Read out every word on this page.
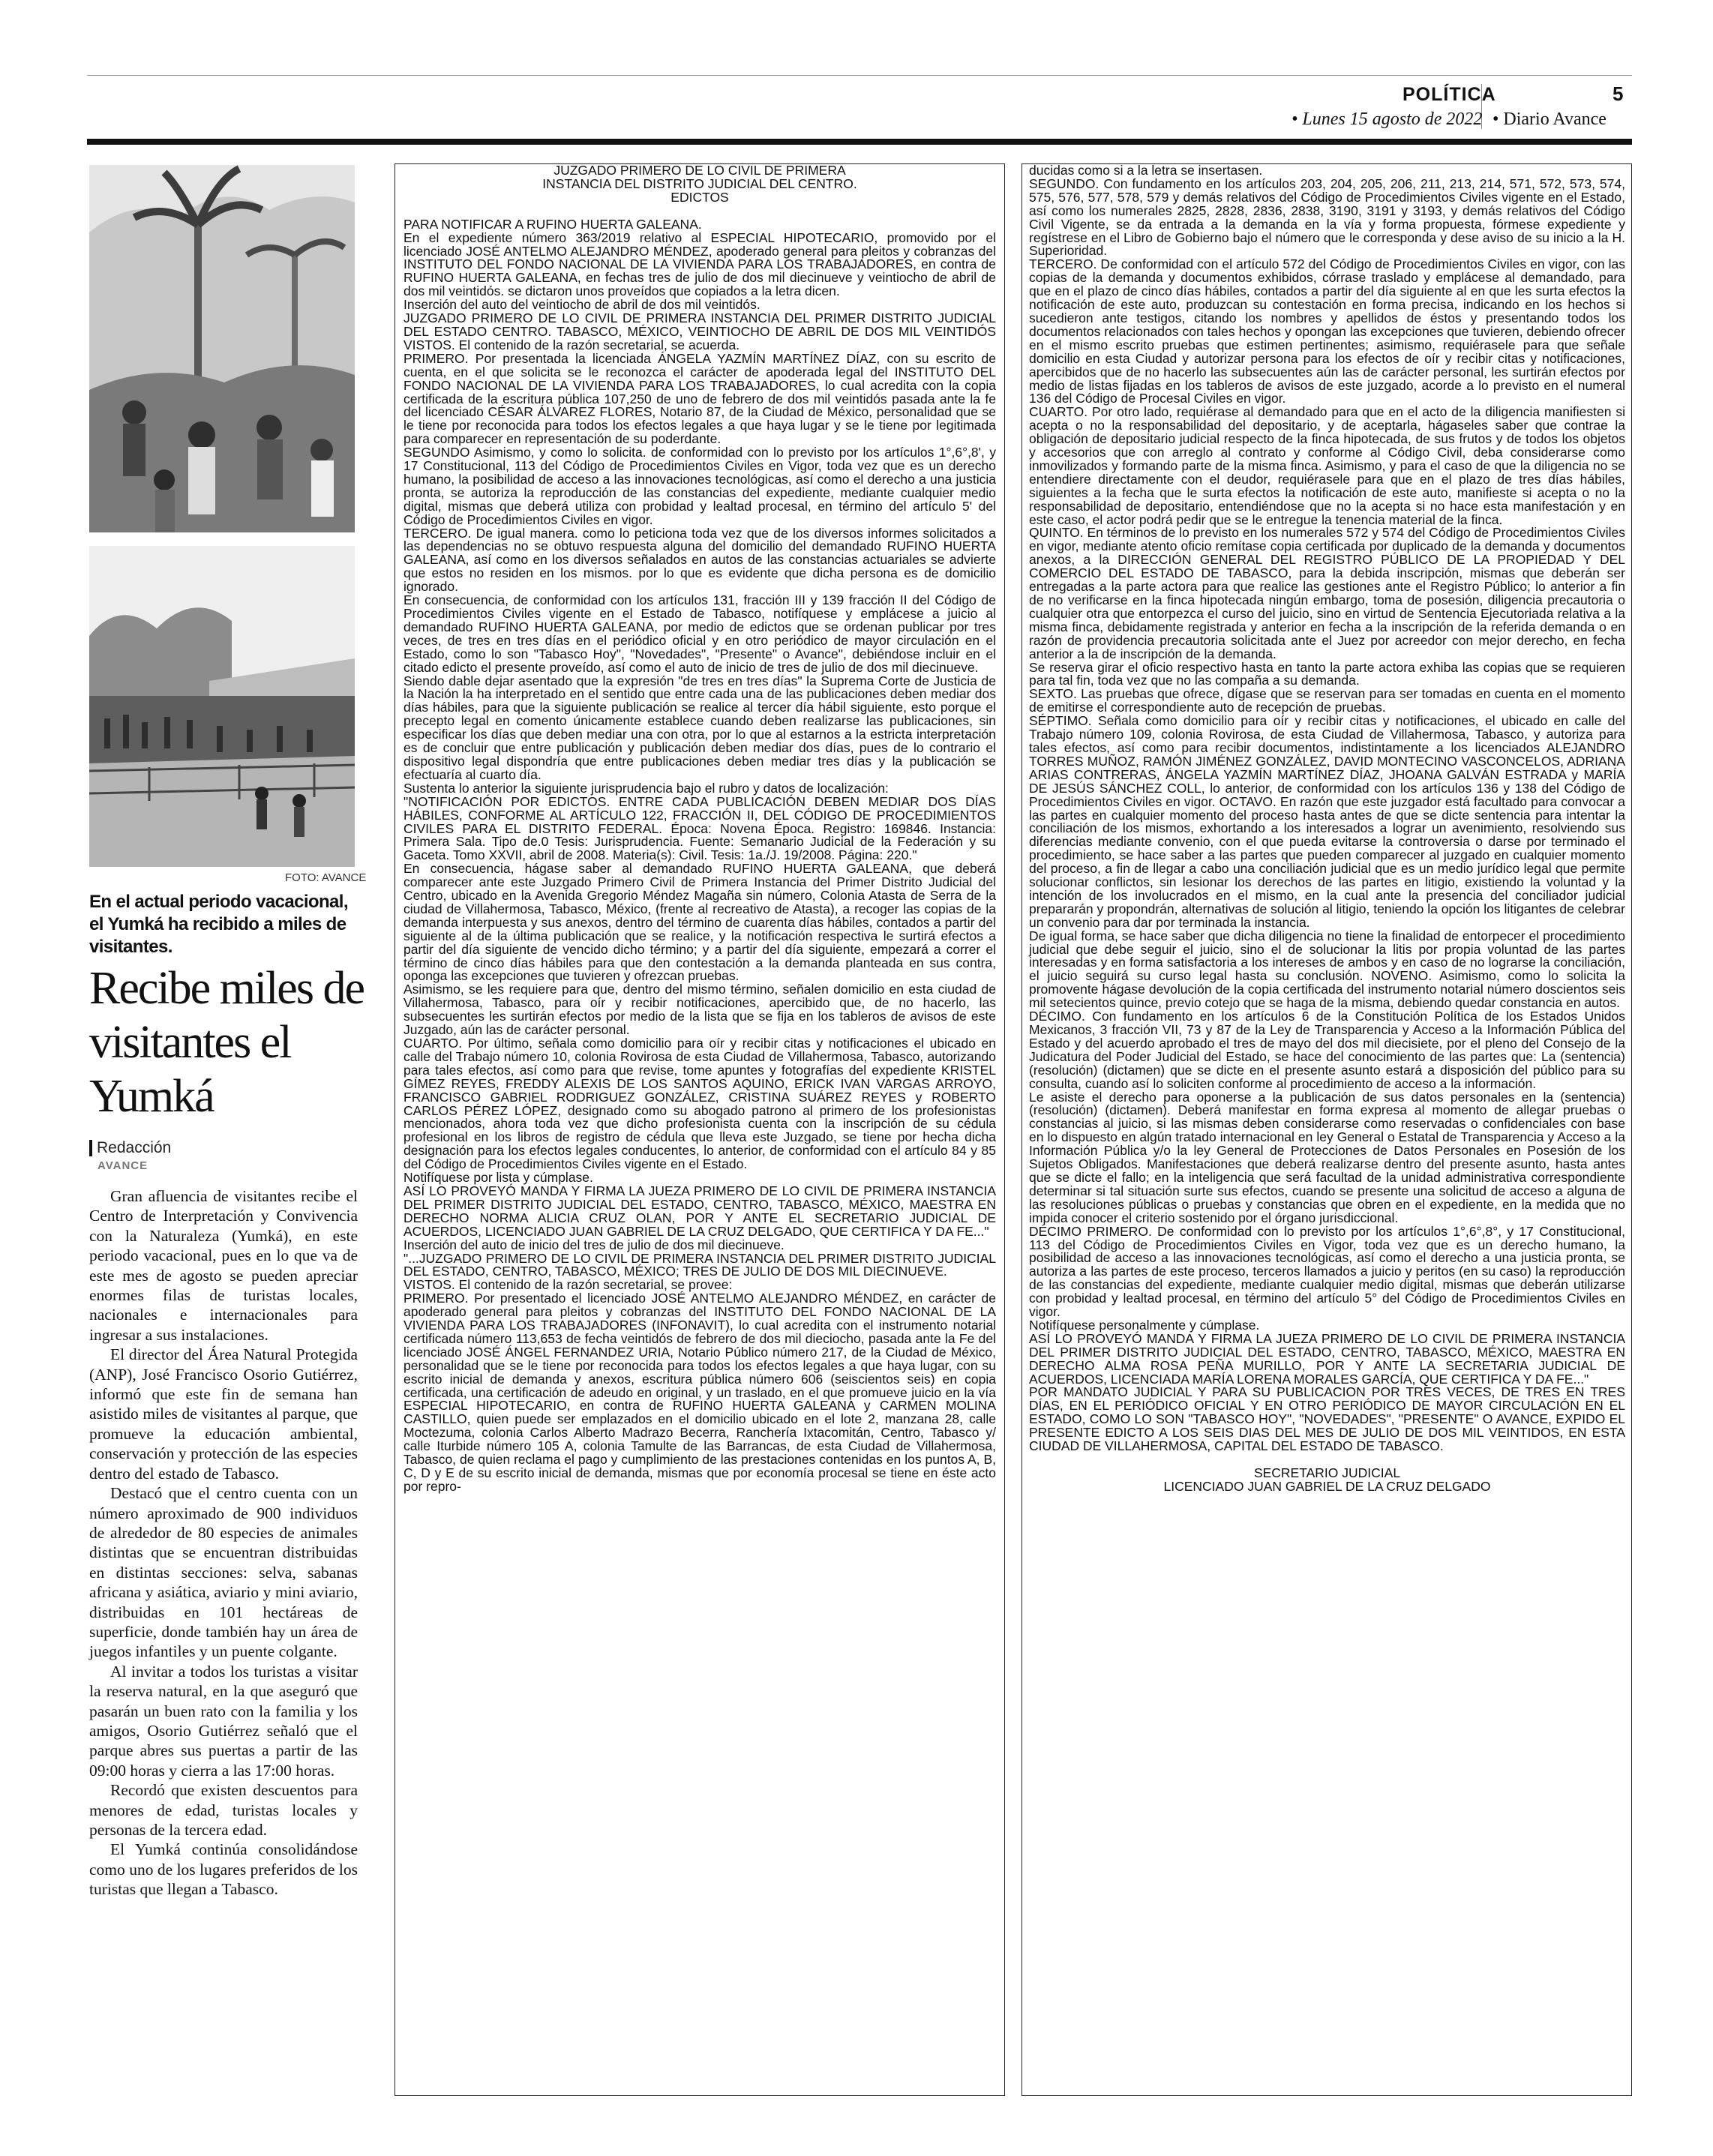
POLÍTICA	5
• Lunes 15 agosto de 2022 • Diario Avance
FOTO: AVANCE
En el actual periodo vacacional, el Yumká ha recibido a miles de visitantes.
Recibe miles de visitantes el Yumká
Redacción
AVANCE

Gran afluencia de visitantes recibe el Centro de Interpretación y Convivencia con la Naturaleza (Yumká), en este periodo vacacional, pues en lo que va de este mes de agosto se pueden apreciar enormes filas de turistas locales, nacionales e internacionales para ingresar a sus instalaciones.

El director del Área Natural Protegida (ANP), José Francisco Osorio Gutiérrez, informó que este fin de semana han asistido miles de visitantes al parque, que promueve la educación ambiental, conservación y protección de las especies dentro del estado de Tabasco.

Destacó que el centro cuenta con un número aproximado de 900 individuos de alrededor de 80 especies de animales distintas que se encuentran distribuidas en distintas secciones: selva, sabanas africana y asiática, aviario y mini aviario, distribuidas en 101 hectáreas de superficie, donde también hay un área de juegos infantiles y un puente colgante.

Al invitar a todos los turistas a visitar la reserva natural, en la que aseguró que pasarán un buen rato con la familia y los amigos, Osorio Gutiérrez señaló que el parque abres sus puertas a partir de las 09:00 horas y cierra a las 17:00 horas.

Recordó que existen descuentos para menores de edad, turistas locales y personas de la tercera edad.

El Yumká continúa consolidándose como uno de los lugares preferidos de los turistas que llegan a Tabasco.

JUZGADO PRIMERO DE LO CIVIL DE PRIMERA

INSTANCIA DEL DISTRITO JUDICIAL DEL CENTRO.

EDICTOS

PARA NOTIFICAR A RUFINO HUERTA GALEANA.

En el expediente número 363/2019 relativo al ESPECIAL HIPOTECARIO, promovido por el licenciado JOSÉ ANTELMO ALEJANDRO MÉNDEZ, apoderado general para pleitos y cobranzas del INSTITUTO DEL FONDO NACIONAL DE LA VIVIENDA PARA LOS TRABAJADORES, en contra de RUFINO HUERTA GALEANA, en fechas tres de julio de dos mil diecinueve y veintiocho de abril de dos mil veintidós. se dictaron unos proveídos que copiados a la letra dicen.

Inserción del auto del veintiocho de abril de dos mil veintidós.

JUZGADO PRIMERO DE LO CIVIL DE PRIMERA INSTANCIA DEL PRIMER DISTRITO JUDICIAL DEL ESTADO CENTRO. TABASCO, MÉXICO, VEINTIOCHO DE ABRIL DE DOS MIL VEINTIDÓS VISTOS. El contenido de la razón secretarial, se acuerda.

PRIMERO. Por presentada la licenciada ÁNGELA YAZMÍN MARTÍNEZ DÍAZ, con su escrito de cuenta, en el que solicita se le reconozca el carácter de apoderada legal del INSTITUTO DEL FONDO NACIONAL DE LA VIVIENDA PARA LOS TRABAJADORES, lo cual acredita con la copia certificada de la escritura pública 107,250 de uno de febrero de dos mil veintidós pasada ante la fe del licenciado CÉSAR ÁLVAREZ FLORES, Notario 87, de la Ciudad de México, personalidad que se le tiene por reconocida para todos los efectos legales a que haya lugar y se le tiene por legitimada para comparecer en representación de su poderdante.

SEGUNDO Asimismo, y como lo solicita. de conformidad con lo previsto por los artículos 1°,6°,8', y 17 Constitucional, 113 del Código de Procedimientos Civiles en Vigor, toda vez que es un derecho humano, la posibilidad de acceso a las innovaciones tecnológicas, así como el derecho a una justicia pronta, se autoriza la reproducción de las constancias del expediente, mediante cualquier medio digital, mismas que deberá utiliza con probidad y lealtad procesal, en término del artículo 5' del Código de Procedimientos Civiles en vigor.

TERCERO. De igual manera. como lo peticiona toda vez que de los diversos informes solicitados a las dependencias no se obtuvo respuesta alguna del domicilio del demandado RUFINO HUERTA GALEANA, así como en los diversos señalados en autos de las constancias actuariales se advierte que estos no residen en los mismos. por lo que es evidente que dicha persona es de domicilio ignorado.

En consecuencia, de conformidad con los artículos 131, fracción III y 139 fracción II del Código de Procedimientos Civiles vigente en el Estado de Tabasco, notifíquese y emplácese a juicio al demandado RUFINO HUERTA GALEANA, por medio de edictos que se ordenan publicar por tres veces, de tres en tres días en el periódico oficial y en otro periódico de mayor circulación en el Estado, como lo son "Tabasco Hoy", "Novedades", "Presente" o Avance", debiéndose incluir en el citado edicto el presente proveído, así como el auto de inicio de tres de julio de dos mil diecinueve.

Siendo dable dejar asentado que la expresión "de tres en tres días" la Suprema Corte de Justicia de la Nación la ha interpretado en el sentido que entre cada una de las publicaciones deben mediar dos días hábiles, para que la siguiente publicación se realice al tercer día hábil siguiente, esto porque el precepto legal en comento únicamente establece cuando deben realizarse las publicaciones, sin especificar los días que deben mediar una con otra, por lo que al estarnos a la estricta interpretación es de concluir que entre publicación y publicación deben mediar dos días, pues de lo contrario el dispositivo legal dispondría que entre publicaciones deben mediar tres días y la publicación se efectuaría al cuarto día.

Sustenta lo anterior la siguiente jurisprudencia bajo el rubro y datos de localización:

"NOTIFICACIÓN POR EDICTOS. ENTRE CADA PUBLICACIÓN DEBEN MEDIAR DOS DÍAS HÁBILES, CONFORME AL ARTÍCULO 122, FRACCIÓN II, DEL CÓDIGO DE PROCEDIMIENTOS CIVILES PARA EL DISTRITO FEDERAL. Época: Novena Época. Registro: 169846. Instancia: Primera Sala. Tipo de.0 Tesis: Jurisprudencia. Fuente: Semanario Judicial de la Federación y su Gaceta. Tomo XXVII, abril de 2008. Materia(s): Civil. Tesis: 1a./J. 19/2008. Página: 220."

En consecuencia, hágase saber al demandado RUFINO HUERTA GALEANA, que deberá comparecer ante este Juzgado Primero Civil de Primera Instancia del Primer Distrito Judicial del Centro, ubicado en la Avenida Gregorio Méndez Magaña sin número, Colonia Atasta de Serra de la ciudad de Villahermosa, Tabasco, México, (frente al recreativo de Atasta), a recoger las copias de la demanda interpuesta y sus anexos, dentro del término de cuarenta días hábiles, contados a partir del siguiente al de la última publicación que se realice, y la notificación respectiva le surtirá efectos a partir del día siguiente de vencido dicho término; y a partir del día siguiente, empezará a correr el término de cinco días hábiles para que den contestación a la demanda planteada en sus contra, oponga las excepciones que tuvieren y ofrezcan pruebas.

Asimismo, se les requiere para que, dentro del mismo término, señalen domicilio en esta ciudad de Villahermosa, Tabasco, para oír y recibir notificaciones, apercibido que, de no hacerlo, las subsecuentes les surtirán efectos por medio de la lista que se fija en los tableros de avisos de este Juzgado, aún las de carácter personal.

CUARTO. Por último, señala como domicilio para oír y recibir citas y notificaciones el ubicado en calle del Trabajo número 10, colonia Rovirosa de esta Ciudad de Villahermosa, Tabasco, autorizando para tales efectos, así como para que revise, tome apuntes y fotografías del expediente KRISTEL GÍMEZ REYES, FREDDY ALEXIS DE LOS SANTOS AQUINO, ERICK IVAN VARGAS ARROYO, FRANCISCO GABRIEL RODRIGUEZ GONZÁLEZ, CRISTINA SUÁREZ REYES y ROBERTO CARLOS PÉREZ LÓPEZ, designado como su abogado patrono al primero de los profesionistas mencionados, ahora toda vez que dicho profesionista cuenta con la inscripción de su cédula profesional en los libros de registro de cédula que lleva este Juzgado, se tiene por hecha dicha designación para los efectos legales conducentes, lo anterior, de conformidad con el artículo 84 y 85 del Código de Procedimientos Civiles vigente en el Estado.

Notifíquese por lista y cúmplase.

ASÍ LO PROVEYÓ MANDA Y FIRMA LA JUEZA PRIMERO DE LO CIVIL DE PRIMERA INSTANCIA DEL PRIMER DISTRITO JUDICIAL DEL ESTADO, CENTRO, TABASCO, MÉXICO, MAESTRA EN DERECHO NORMA ALICIA CRUZ OLAN, POR Y ANTE EL SECRETARIO JUDICIAL DE ACUERDOS, LICENCIADO JUAN GABRIEL DE LA CRUZ DELGADO, QUE CERTIFICA Y DA FE..."

Inserción del auto de inicio del tres de julio de dos mil diecinueve.

"...JUZGADO PRIMERO DE LO CIVIL DE PRIMERA INSTANCIA DEL PRIMER DISTRITO JUDICIAL DEL ESTADO, CENTRO, TABASCO, MÉXICO; TRES DE JULIO DE DOS MIL DIECINUEVE.

VISTOS. El contenido de la razón secretarial, se provee:

PRIMERO. Por presentado el licenciado JOSÉ ANTELMO ALEJANDRO MÉNDEZ, en carácter de apoderado general para pleitos y cobranzas del INSTITUTO DEL FONDO NACIONAL DE LA VIVIENDA PARA LOS TRABAJADORES (INFONAVIT), lo cual acredita con el instrumento notarial certificada número 113,653 de fecha veintidós de febrero de dos mil dieciocho, pasada ante la Fe del licenciado JOSÉ ÁNGEL FERNANDEZ URIA, Notario Público número 217, de la Ciudad de México, personalidad que se le tiene por reconocida para todos los efectos legales a que haya lugar, con su escrito inicial de demanda y anexos, escritura pública número 606 (seiscientos seis) en copia certificada, una certificación de adeudo en original, y un traslado, en el que promueve juicio en la vía ESPECIAL HIPOTECARIO, en contra de RUFINO HUERTA GALEANA y CARMEN MOLINA CASTILLO, quien puede ser emplazados en el domicilio ubicado en el lote 2, manzana 28, calle Moctezuma, colonia Carlos Alberto Madrazo Becerra, Ranchería Ixtacomitán, Centro, Tabasco y/ calle Iturbide número 105 A, colonia Tamulte de las Barrancas, de esta Ciudad de Villahermosa, Tabasco, de quien reclama el pago y cumplimiento de las prestaciones contenidas en los puntos A, B, C, D y E de su escrito inicial de demanda, mismas que por economía procesal se tiene en éste acto por repro-

ducidas como si a la letra se insertasen.

SEGUNDO. Con fundamento en los artículos 203, 204, 205, 206, 211, 213, 214, 571, 572, 573, 574, 575, 576, 577, 578, 579 y demás relativos del Código de Procedimientos Civiles vigente en el Estado, así como los numerales 2825, 2828, 2836, 2838, 3190, 3191 y 3193, y demás relativos del Código Civil Vigente, se da entrada a la demanda en la vía y forma propuesta, fórmese expediente y regístrese en el Libro de Gobierno bajo el número que le corresponda y dese aviso de su inicio a la H. Superioridad.

TERCERO. De conformidad con el artículo 572 del Código de Procedimientos Civiles en vigor, con las copias de la demanda y documentos exhibidos, córrase traslado y emplácese al demandado, para que en el plazo de cinco días hábiles, contados a partir del día siguiente al en que les surta efectos la notificación de este auto, produzcan su contestación en forma precisa, indicando en los hechos si sucedieron ante testigos, citando los nombres y apellidos de éstos y presentando todos los documentos relacionados con tales hechos y opongan las excepciones que tuvieren, debiendo ofrecer en el mismo escrito pruebas que estimen pertinentes; asimismo, requiérasele para que señale domicilio en esta Ciudad y autorizar persona para los efectos de oír y recibir citas y notificaciones, apercibidos que de no hacerlo las subsecuentes aún las de carácter personal, les surtirán efectos por medio de listas fijadas en los tableros de avisos de este juzgado, acorde a lo previsto en el numeral 136 del Código de Procesal Civiles en vigor.

CUARTO. Por otro lado, requiérase al demandado para que en el acto de la diligencia manifiesten si acepta o no la responsabilidad del depositario, y de aceptarla, hágaseles saber que contrae la obligación de depositario judicial respecto de la finca hipotecada, de sus frutos y de todos los objetos y accesorios que con arreglo al contrato y conforme al Código Civil, deba considerarse como inmovilizados y formando parte de la misma finca. Asimismo, y para el caso de que la diligencia no se entendiere directamente con el deudor, requiérasele para que en el plazo de tres días hábiles, siguientes a la fecha que le surta efectos la notificación de este auto, manifieste si acepta o no la responsabilidad de depositario, entendiéndose que no la acepta si no hace esta manifestación y en este caso, el actor podrá pedir que se le entregue la tenencia material de la finca.

QUINTO. En términos de lo previsto en los numerales 572 y 574 del Código de Procedimientos Civiles en vigor, mediante atento oficio remítase copia certificada por duplicado de la demanda y documentos anexos, a la DIRECCIÓN GENERAL DEL REGISTRO PÚBLICO DE LA PROPIEDAD Y DEL COMERCIO DEL ESTADO DE TABASCO, para la debida inscripción, mismas que deberán ser entregadas a la parte actora para que realice las gestiones ante el Registro Público; lo anterior a fin de no verificarse en la finca hipotecada ningún embargo, toma de posesión, diligencia precautoria o cualquier otra que entorpezca el curso del juicio, sino en virtud de Sentencia Ejecutoriada relativa a la misma finca, debidamente registrada y anterior en fecha a la inscripción de la referida demanda o en razón de providencia precautoria solicitada ante el Juez por acreedor con mejor derecho, en fecha anterior a la de inscripción de la demanda.

Se reserva girar el oficio respectivo hasta en tanto la parte actora exhiba las copias que se requieren para tal fin, toda vez que no las compaña a su demanda.

SEXTO. Las pruebas que ofrece, dígase que se reservan para ser tomadas en cuenta en el momento de emitirse el correspondiente auto de recepción de pruebas.

SÉPTIMO. Señala como domicilio para oír y recibir citas y notificaciones, el ubicado en calle del Trabajo número 109, colonia Rovirosa, de esta Ciudad de Villahermosa, Tabasco, y autoriza para tales efectos, así como para recibir documentos, indistintamente a los licenciados ALEJANDRO TORRES MUÑOZ, RAMÓN JIMÉNEZ GONZÁLEZ, DAVID MONTECINO VASCONCELOS, ADRIANA ARIAS CONTRERAS, ÁNGELA YAZMÍN MARTÍNEZ DÍAZ, JHOANA GALVÁN ESTRADA y MARÍA DE JESÚS SÁNCHEZ COLL, lo anterior, de conformidad con los artículos 136 y 138 del Código de Procedimientos Civiles en vigor. OCTAVO. En razón que este juzgador está facultado para convocar a las partes en cualquier momento del proceso hasta antes de que se dicte sentencia para intentar la conciliación de los mismos, exhortando a los interesados a lograr un avenimiento, resolviendo sus diferencias mediante convenio, con el que pueda evitarse la controversia o darse por terminado el procedimiento, se hace saber a las partes que pueden comparecer al juzgado en cualquier momento del proceso, a fin de llegar a cabo una conciliación judicial que es un medio jurídico legal que permite solucionar conflictos, sin lesionar los derechos de las partes en litigio, existiendo la voluntad y la intención de los involucrados en el mismo, en la cual ante la presencia del conciliador judicial prepararán y propondrán, alternativas de solución al litigio, teniendo la opción los litigantes de celebrar un convenio para dar por terminada la instancia.

De igual forma, se hace saber que dicha diligencia no tiene la finalidad de entorpecer el procedimiento judicial que debe seguir el juicio, sino el de solucionar la litis por propia voluntad de las partes interesadas y en forma satisfactoria a los intereses de ambos y en caso de no lograrse la conciliación, el juicio seguirá su curso legal hasta su conclusión. NOVENO. Asimismo, como lo solicita la promovente hágase devolución de la copia certificada del instrumento notarial número doscientos seis mil setecientos quince, previo cotejo que se haga de la misma, debiendo quedar constancia en autos.

DÉCIMO. Con fundamento en los artículos 6 de la Constitución Política de los Estados Unidos Mexicanos, 3 fracción VII, 73 y 87 de la Ley de Transparencia y Acceso a la Información Pública del Estado y del acuerdo aprobado el tres de mayo del dos mil diecisiete, por el pleno del Consejo de la Judicatura del Poder Judicial del Estado, se hace del conocimiento de las partes que: La (sentencia) (resolución) (dictamen) que se dicte en el presente asunto estará a disposición del público para su consulta, cuando así lo soliciten conforme al procedimiento de acceso a la información.

Le asiste el derecho para oponerse a la publicación de sus datos personales en la (sentencia) (resolución) (dictamen). Deberá manifestar en forma expresa al momento de allegar pruebas o constancias al juicio, si las mismas deben considerarse como reservadas o confidenciales con base en lo dispuesto en algún tratado internacional en ley General o Estatal de Transparencia y Acceso a la Información Pública y/o la ley General de Protecciones de Datos Personales en Posesión de los Sujetos Obligados. Manifestaciones que deberá realizarse dentro del presente asunto, hasta antes que se dicte el fallo; en la inteligencia que será facultad de la unidad administrativa correspondiente determinar si tal situación surte sus efectos, cuando se presente una solicitud de acceso a alguna de las resoluciones públicas o pruebas y constancias que obren en el expediente, en la medida que no impida conocer el criterio sostenido por el órgano jurisdiccional.

DÉCIMO PRIMERO. De conformidad con lo previsto por los artículos 1°,6°,8°, y 17 Constitucional, 113 del Código de Procedimientos Civiles en Vigor, toda vez que es un derecho humano, la posibilidad de acceso a las innovaciones tecnológicas, así como el derecho a una justicia pronta, se autoriza a las partes de este proceso, terceros llamados a juicio y peritos (en su caso) la reproducción de las constancias del expediente, mediante cualquier medio digital, mismas que deberán utilizarse con probidad y lealtad procesal, en término del artículo 5° del Código de Procedimientos Civiles en vigor.

Notifíquese personalmente y cúmplase.

ASÍ LO PROVEYÓ MANDA Y FIRMA LA JUEZA PRIMERO DE LO CIVIL DE PRIMERA INSTANCIA DEL PRIMER DISTRITO JUDICIAL DEL ESTADO, CENTRO, TABASCO, MÉXICO, MAESTRA EN DERECHO ALMA ROSA PEÑA MURILLO, POR Y ANTE LA SECRETARIA JUDICIAL DE ACUERDOS, LICENCIADA MARÍA LORENA MORALES GARCÍA, QUE CERTIFICA Y DA FE..."

POR MANDATO JUDICIAL Y PARA SU PUBLICACION POR TRES VECES, DE TRES EN TRES DÍAS, EN EL PERIÓDICO OFICIAL Y EN OTRO PERIÓDICO DE MAYOR CIRCULACIÓN EN EL ESTADO, COMO LO SON "TABASCO HOY", "NOVEDADES", "PRESENTE" O AVANCE, EXPIDO EL PRESENTE EDICTO A LOS SEIS DIAS DEL MES DE JULIO DE DOS MIL VEINTIDOS, EN ESTA CIUDAD DE VILLAHERMOSA, CAPITAL DEL ESTADO DE TABASCO.

SECRETARIO JUDICIAL

LICENCIADO JUAN GABRIEL DE LA CRUZ DELGADO
